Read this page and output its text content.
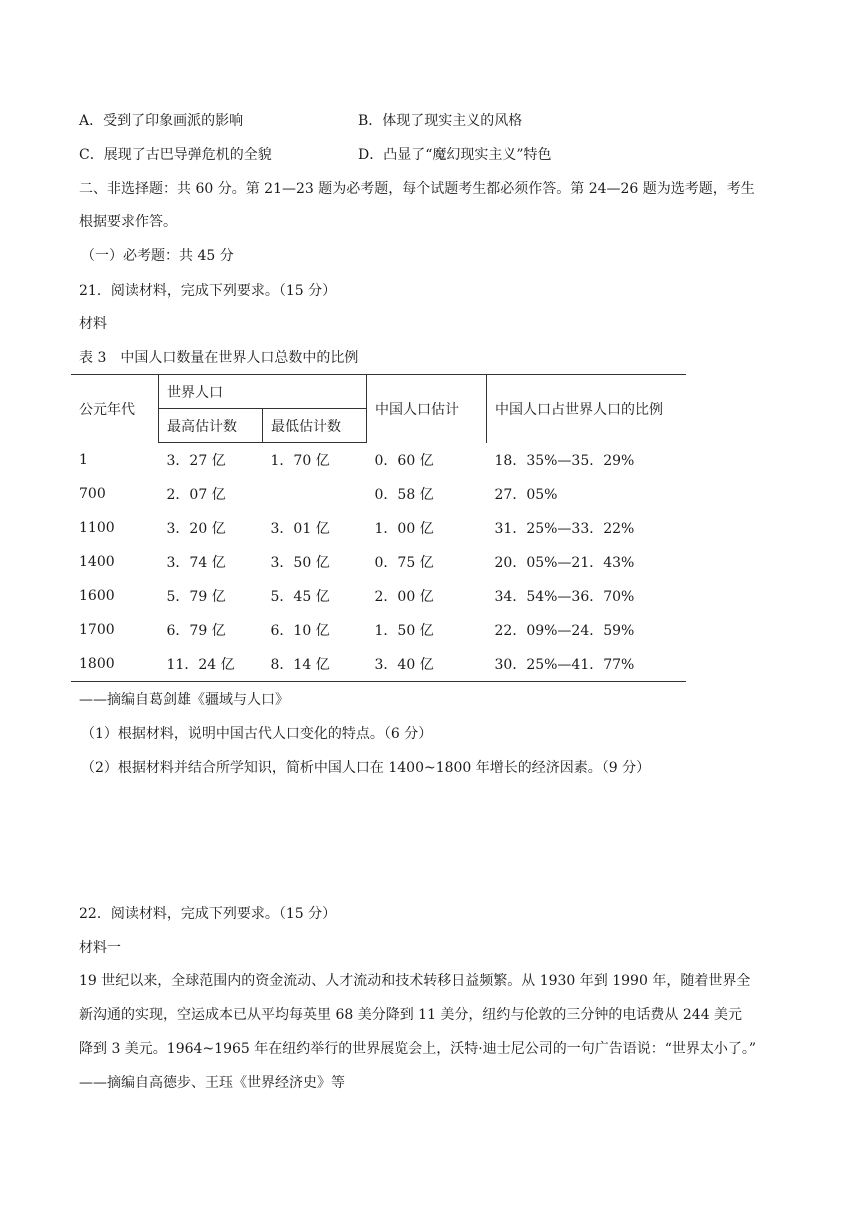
A．受到了印象画派的影响	B．体现了现实主义的风格
C．展现了古巴导弹危机的全貌	D．凸显了“魔幻现实主义”特色
二、非选择题：共 60 分。第 21—23 题为必考题，每个试题考生都必须作答。第 24—26 题为选考题，考生
根据要求作答。
（一）必考题：共 45 分
21．阅读材料，完成下列要求。（15 分）
材料
表 3　中国人口数量在世界人口总数中的比例
公元年代	世界人口		中国人口估计	中国人口占世界人口的比例
	最高估计数	最低估计数		
1	3．27 亿	1．70 亿	0．60 亿	18．35%—35．29%
700	2．07 亿		0．58 亿	27．05%
1100	3．20 亿	3．01 亿	1．00 亿	31．25%—33．22%
1400	3．74 亿	3．50 亿	0．75 亿	20．05%—21．43%
1600	5．79 亿	5．45 亿	2．00 亿	34．54%—36．70%
1700	6．79 亿	6．10 亿	1．50 亿	22．09%—24．59%
1800	11．24 亿	8．14 亿	3．40 亿	30．25%—41．77%
——摘编自葛剑雄《疆域与人口》
（1）根据材料，说明中国古代人口变化的特点。（6 分）
（2）根据材料并结合所学知识，简析中国人口在 1400~1800 年增长的经济因素。（9 分）
22．阅读材料，完成下列要求。（15 分）
材料一
19 世纪以来，全球范围内的资金流动、人才流动和技术转移日益频繁。从 1930 年到 1990 年，随着世界全
新沟通的实现，空运成本已从平均每英里 68 美分降到 11 美分，纽约与伦敦的三分钟的电话费从 244 美元
降到 3 美元。1964~1965 年在纽约举行的世界展览会上，沃特·迪士尼公司的一句广告语说：“世界太小了。”
——摘编自高德步、王珏《世界经济史》等
